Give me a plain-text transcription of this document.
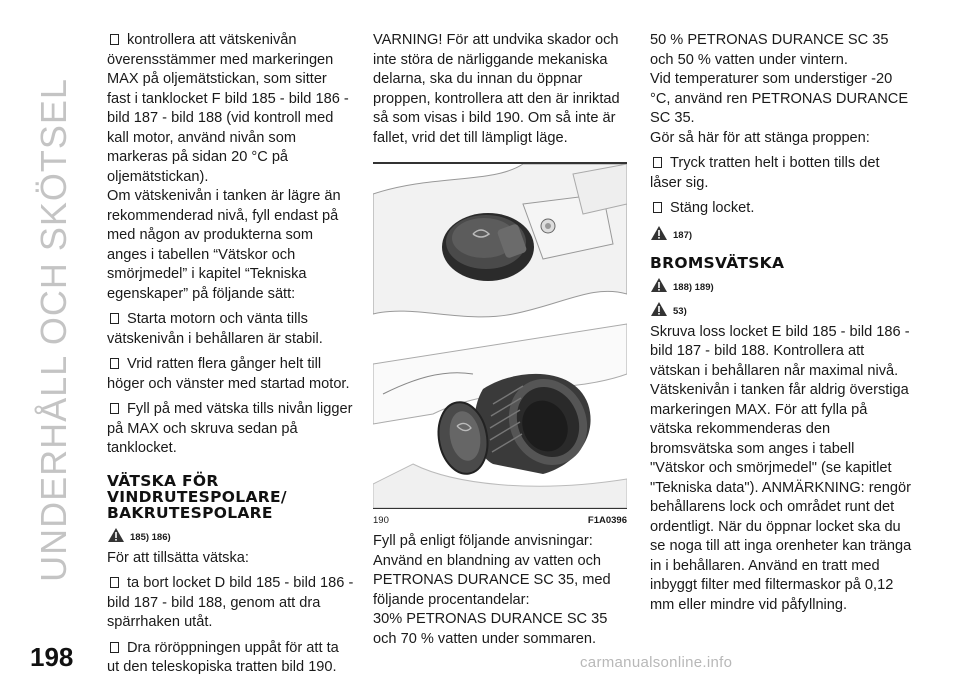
UNDERHÅLL OCH SKÖTSEL

kontrollera att vätskenivån överensstämmer med markeringen MAX på oljemätstickan, som sitter fast i tanklocket F bild 185 - bild 186 - bild 187 - bild 188 (vid kontroll med kall motor, använd nivån som markeras på sidan 20 °C på oljemätstickan).

Om vätskenivån i tanken är lägre än rekommenderad nivå, fyll endast på med någon av produkterna som anges i tabellen “Vätskor och smörjmedel” i kapitel “Tekniska egenskaper” på följande sätt:

Starta motorn och vänta tills vätskenivån i behållaren är stabil.

Vrid ratten flera gånger helt till höger och vänster med startad motor.

Fyll på med vätska tills nivån ligger på MAX och skruva sedan på tanklocket.

VÄTSKA FÖR VINDRUTESPOLARE/ BAKRUTESPOLARE
185) 186)

För att tillsätta vätska:

ta bort locket D bild 185 - bild 186 - bild 187 - bild 188, genom att dra spärrhaken utåt.

Dra röröppningen uppåt för att ta ut den teleskopiska tratten bild 190.

VARNING! För att undvika skador och inte störa de närliggande mekaniska delarna, ska du innan du öppnar proppen, kontrollera att den är inriktad så som visas i bild 190. Om så inte är fallet, vrid det till lämpligt läge.

190	F1A0396

Fyll på enligt följande anvisningar: Använd en blandning av vatten och PETRONAS DURANCE SC 35, med följande procentandelar:

30% PETRONAS DURANCE SC 35 och 70 % vatten under sommaren.

50 % PETRONAS DURANCE SC 35 och 50 % vatten under vintern.

Vid temperaturer som understiger -20 °C, använd ren PETRONAS DURANCE SC 35.

Gör så här för att stänga proppen:

Tryck tratten helt i botten tills det låser sig.

Stäng locket.

187)
BROMSVÄTSKA
188) 189)
53)

Skruva loss locket E bild 185 - bild 186 - bild 187 - bild 188. Kontrollera att vätskan i behållaren når maximal nivå. Vätskenivån i tanken får aldrig överstiga markeringen MAX. För att fylla på vätska rekommenderas den bromsvätska som anges i tabell "Vätskor och smörjmedel" (se kapitlet "Tekniska data"). ANMÄRKNING: rengör behållarens lock och området runt det ordentligt. När du öppnar locket ska du se noga till att inga orenheter kan tränga in i behållaren. Använd en tratt med inbyggt filter med filtermaskor på 0,12 mm eller mindre vid påfyllning.

198	carmanualsonline.info
